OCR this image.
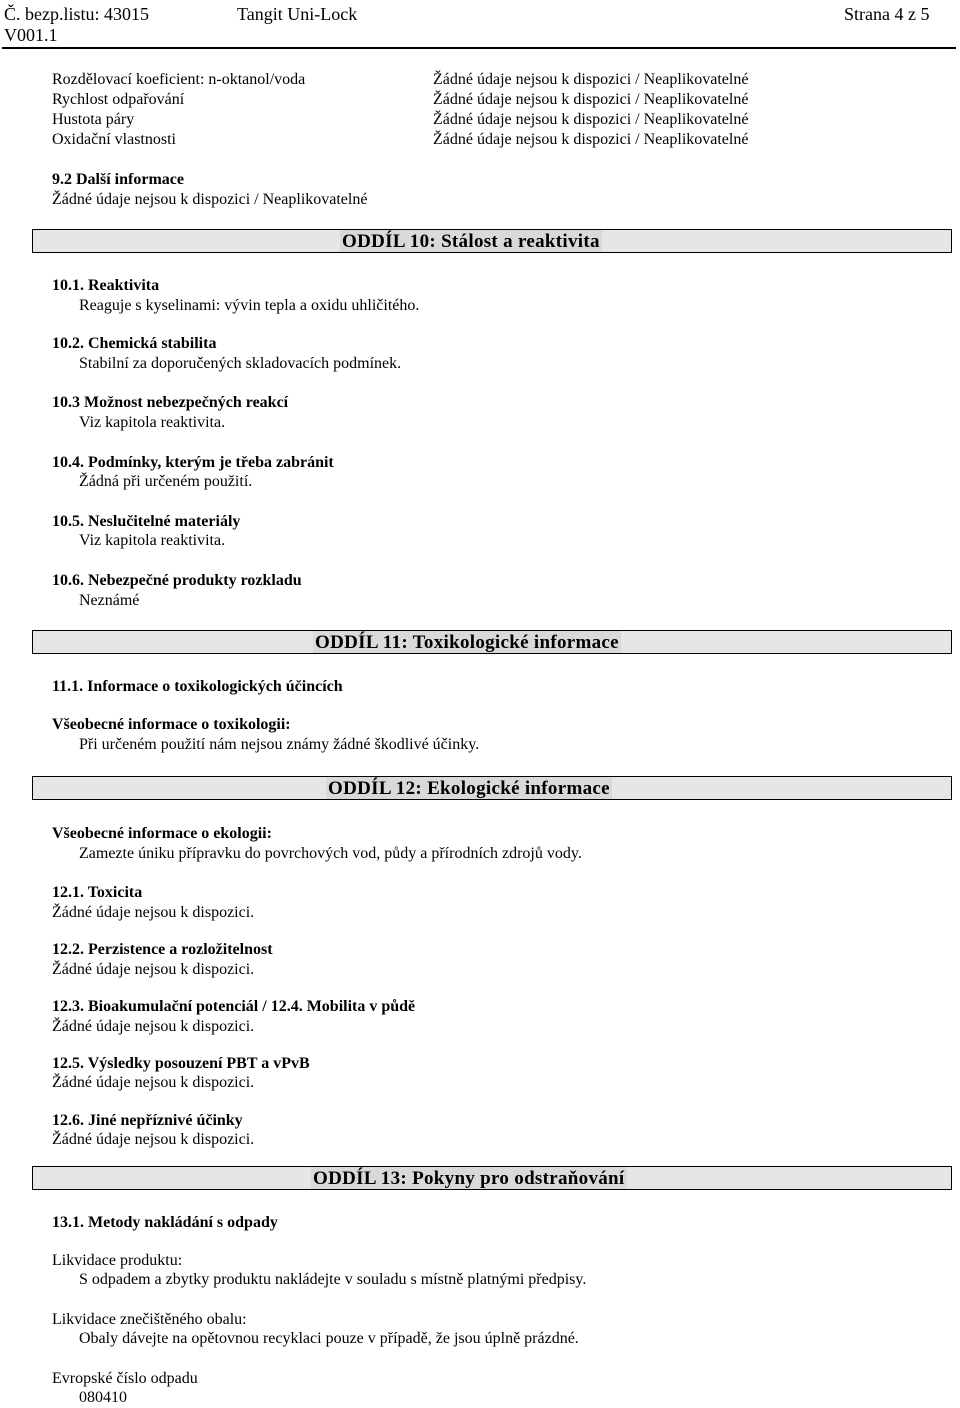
Č. bezp.listu: 43015	Tangit Uni-Lock	Strana 4 z 5
V001.1
Rozdělovací koeficient: n-oktanol/voda	Žádné údaje nejsou k dispozici / Neaplikovatelné
Rychlost odpařování	Žádné údaje nejsou k dispozici / Neaplikovatelné
Hustota páry	Žádné údaje nejsou k dispozici / Neaplikovatelné
Oxidační vlastnosti	Žádné údaje nejsou k dispozici / Neaplikovatelné
9.2 Další informace
Žádné údaje nejsou k dispozici / Neaplikovatelné
ODDÍL 10: Stálost a reaktivita
10.1. Reaktivita
Reaguje s kyselinami: vývin tepla a oxidu uhličitého.
10.2. Chemická stabilita
Stabilní za doporučených skladovacích podmínek.
10.3 Možnost nebezpečných reakcí
Viz kapitola reaktivita.
10.4. Podmínky, kterým je třeba zabránit
Žádná při určeném použití.
10.5. Neslučitelné materiály
Viz kapitola reaktivita.
10.6. Nebezpečné produkty rozkladu
Neznámé
ODDÍL 11: Toxikologické informace
11.1. Informace o toxikologických účincích
Všeobecné informace o toxikologii:
Při určeném použití nám nejsou známy žádné škodlivé účinky.
ODDÍL 12: Ekologické informace
Všeobecné informace o ekologii:
Zamezte úniku přípravku do povrchových vod, půdy a přírodních zdrojů vody.
12.1. Toxicita
Žádné údaje nejsou k dispozici.
12.2. Perzistence a rozložitelnost
Žádné údaje nejsou k dispozici.
12.3. Bioakumulační potenciál / 12.4. Mobilita v půdě
Žádné údaje nejsou k dispozici.
12.5. Výsledky posouzení PBT a vPvB
Žádné údaje nejsou k dispozici.
12.6. Jiné nepříznivé účinky
Žádné údaje nejsou k dispozici.
ODDÍL 13: Pokyny pro odstraňování
13.1. Metody nakládání s odpady
Likvidace produktu:
S odpadem a zbytky produktu nakládejte v souladu s místně platnými předpisy.
Likvidace znečištěného obalu:
Obaly dávejte na opětovnou recyklaci pouze v případě, že jsou úplně prázdné.
Evropské číslo odpadu
080410
